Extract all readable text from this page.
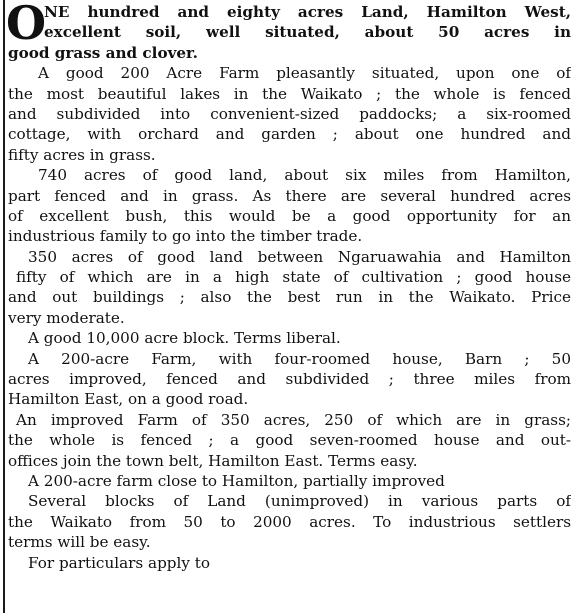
O
NE hundred and eighty acres Land, Hamilton West,
excellent soil, well situated, about 50 acres in
good grass and clover.
A good 200 Acre Farm pleasantly situated, upon one of
the most beautiful lakes in the Waikato ; the whole is fenced
and subdivided into convenient-sized paddocks; a six-roomed
cottage, with orchard and garden ; about one hundred and
fifty acres in grass.
740 acres of good land, about six miles from Hamilton,
part fenced and in grass. As there are several hundred acres
of excellent bush, this would be a good opportunity for an
industrious family to go into the timber trade.
350 acres of good land between Ngaruawahia and Hamilton
fifty of which are in a high state of cultivation ; good house
and out buildings ; also the best run in the Waikato. Price
very moderate.
A good 10,000 acre block. Terms liberal.
A 200-acre Farm, with four-roomed house, Barn ; 50
acres improved, fenced and subdivided ; three miles from
Hamilton East, on a good road.
An improved Farm of 350 acres, 250 of which are in grass;
the whole is fenced ; a good seven-roomed house and out-
offices join the town belt, Hamilton East. Terms easy.
A 200-acre farm close to Hamilton, partially improved
Several blocks of Land (unimproved) in various parts of
the Waikato from 50 to 2000 acres. To industrious settlers
terms will be easy.
For particulars apply to
